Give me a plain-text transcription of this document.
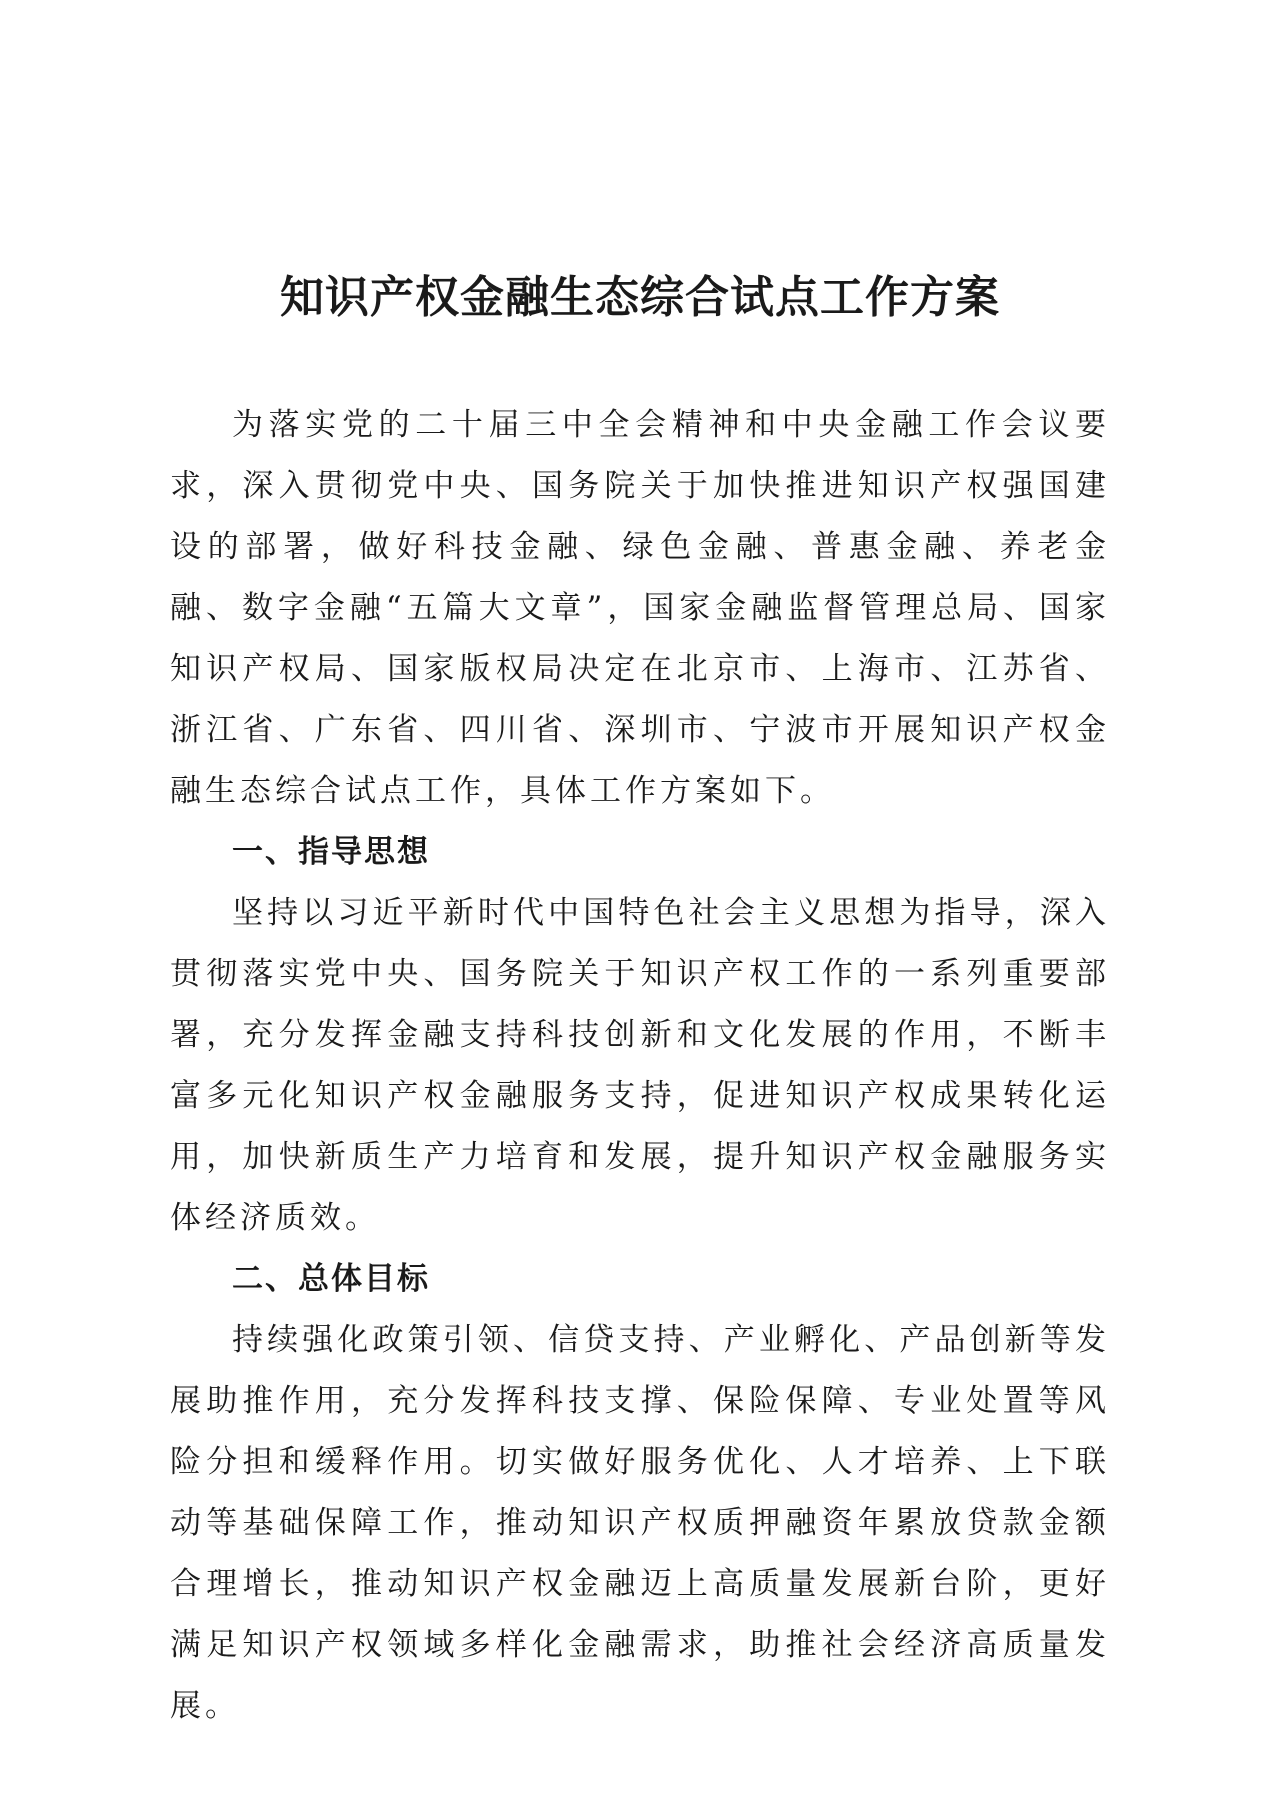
知识产权金融生态综合试点工作方案

为落实党的二十届三中全会精神和中央金融工作会议要求，深入贯彻党中央、国务院关于加快推进知识产权强国建设的部署，做好科技金融、绿色金融、普惠金融、养老金融、数字金融“五篇大文章”，国家金融监督管理总局、国家知识产权局、国家版权局决定在北京市、上海市、江苏省、浙江省、广东省、四川省、深圳市、宁波市开展知识产权金融生态综合试点工作，具体工作方案如下。

一、指导思想

坚持以习近平新时代中国特色社会主义思想为指导，深入贯彻落实党中央、国务院关于知识产权工作的一系列重要部署，充分发挥金融支持科技创新和文化发展的作用，不断丰富多元化知识产权金融服务支持，促进知识产权成果转化运用，加快新质生产力培育和发展，提升知识产权金融服务实体经济质效。

二、总体目标

持续强化政策引领、信贷支持、产业孵化、产品创新等发展助推作用，充分发挥科技支撑、保险保障、专业处置等风险分担和缓释作用。切实做好服务优化、人才培养、上下联动等基础保障工作，推动知识产权质押融资年累放贷款金额合理增长，推动知识产权金融迈上高质量发展新台阶，更好满足知识产权领域多样化金融需求，助推社会经济高质量发展。
